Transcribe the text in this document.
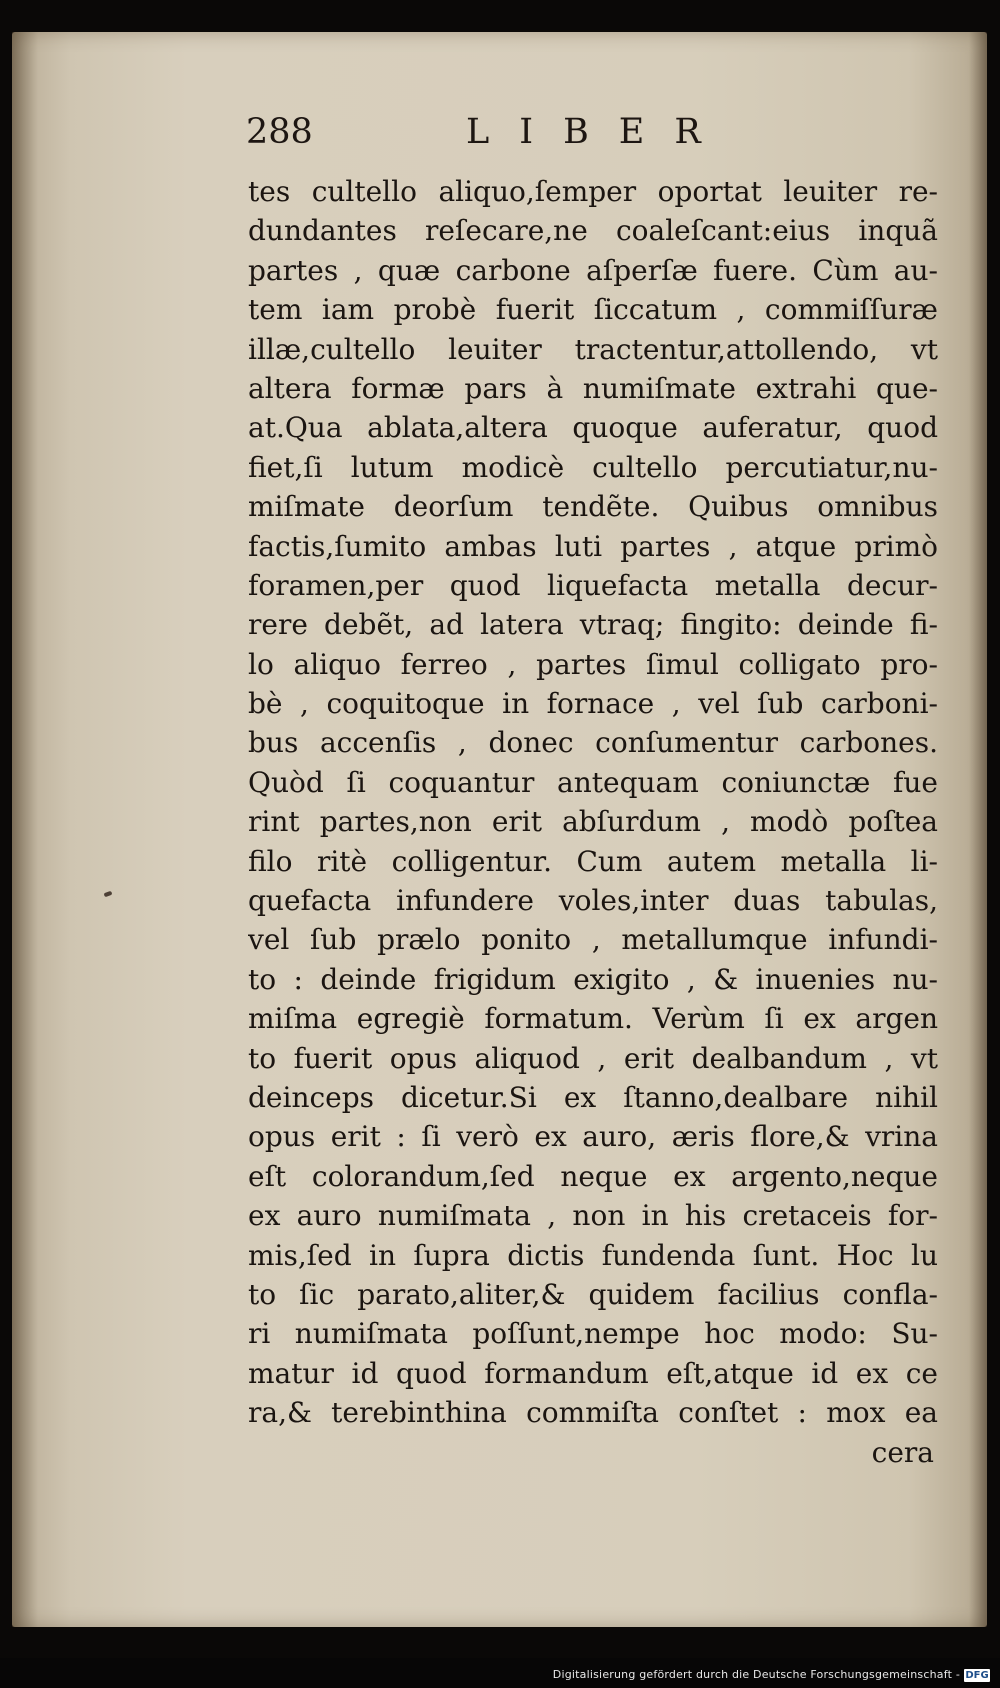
288	LIBER
tes cultello aliquo,ſemper oportat leuiter re-
dundantes reſecare,ne coaleſcant:eius inquã
partes , quæ carbone aſperſæ fuere. Cùm au-
tem iam probè fuerit ſiccatum , commiſſuræ
illæ,cultello leuiter tractentur,attollendo, vt
altera formæ pars à numiſmate extrahi que-
at.Qua ablata,altera quoque auferatur, quod
fiet,ſi lutum modicè cultello percutiatur,nu-
miſmate deorſum tendẽte. Quibus omnibus
factis,ſumito ambas luti partes , atque primò
foramen,per quod liquefacta metalla decur-
rere debẽt, ad latera vtraq; fingito: deinde fi-
lo aliquo ferreo , partes ſimul colligato pro-
bè , coquitoque in fornace , vel ſub carboni-
bus accenſis , donec conſumentur carbones.
Quòd ſi coquantur antequam coniunctæ fue
rint partes,non erit abſurdum , modò poſtea
filo ritè colligentur. Cum autem metalla li-
quefacta infundere voles,inter duas tabulas,
vel ſub prælo ponito , metallumque infundi-
to : deinde frigidum exigito , & inuenies nu-
miſma egregiè formatum. Verùm ſi ex argen
to fuerit opus aliquod , erit dealbandum , vt
deinceps dicetur.Si ex ſtanno,dealbare nihil
opus erit : ſi verò ex auro, æris flore,& vrina
eſt colorandum,ſed neque ex argento,neque
ex auro numiſmata , non in his cretaceis for-
mis,ſed in ſupra dictis fundenda ſunt. Hoc lu
to ſic parato,aliter,& quidem facilius confla-
ri numiſmata poſſunt,nempe hoc modo: Su-
matur id quod formandum eſt,atque id ex ce
ra,& terebinthina commiſta conſtet : mox ea
cera
Digitalisierung gefördert durch die Deutsche Forschungsgemeinschaft - DFG
